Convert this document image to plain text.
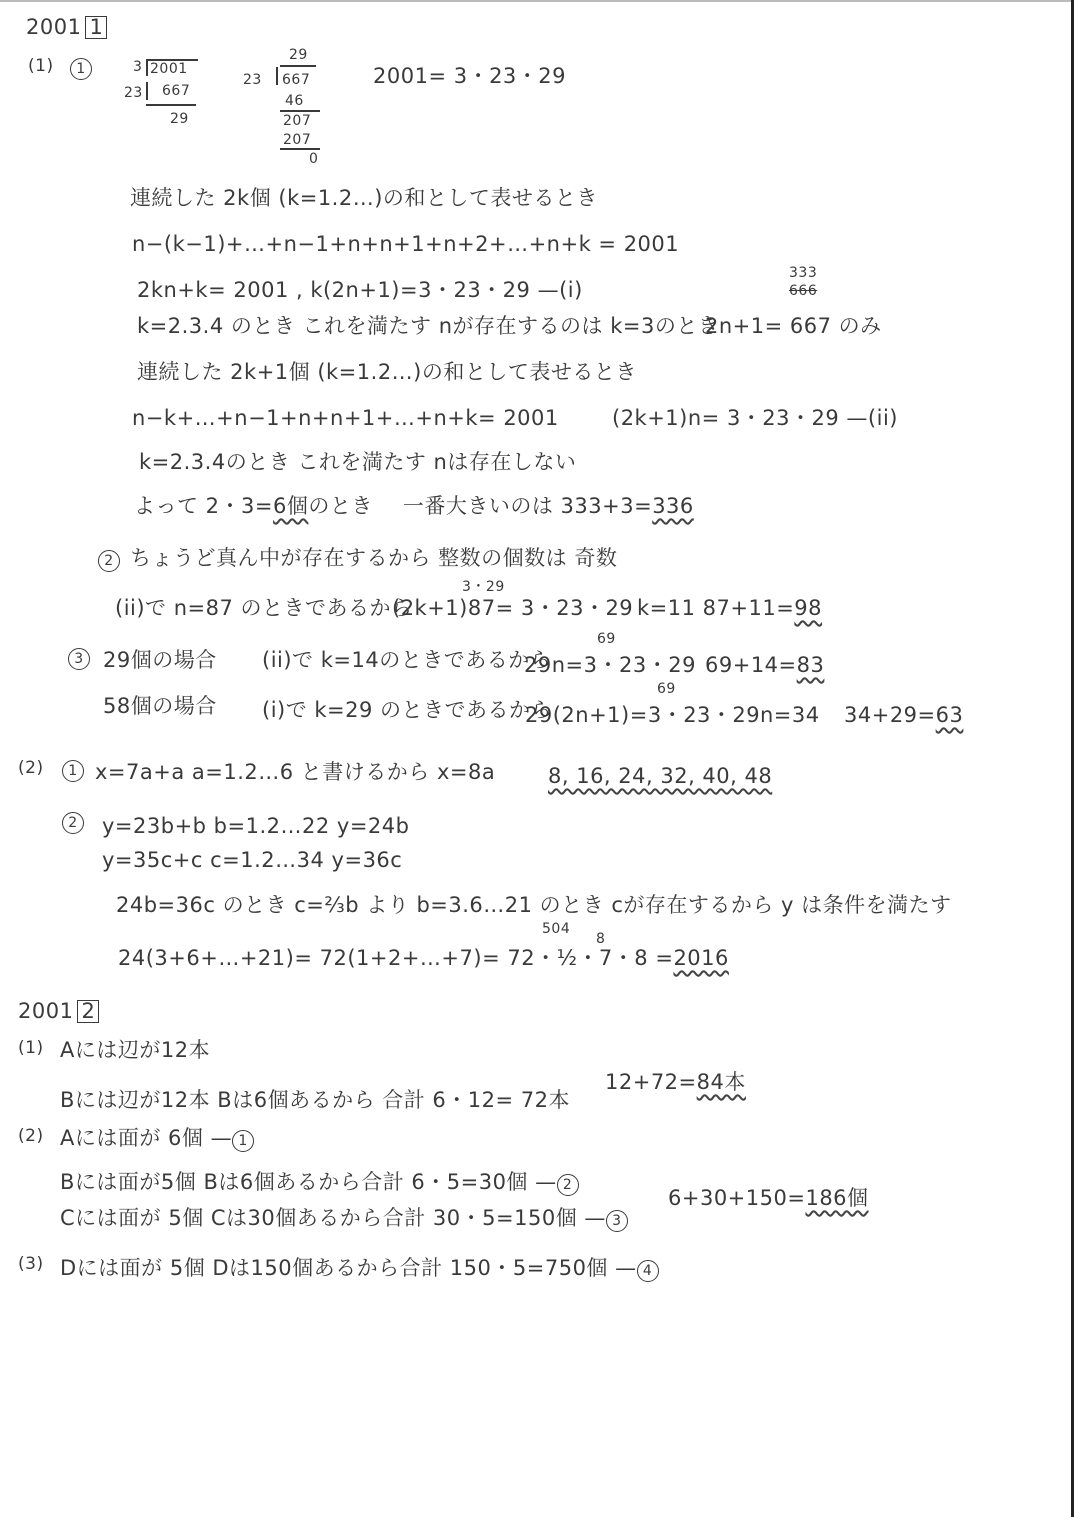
2001 1
(1)	1	3 2001
23 667
29
29
23 667
46
207
207
0
2001= 3・23・29
連続した 2k個 (k=1.2…)の和として表せるとき
n−(k−1)+…+n−1+n+n+1+n+2+…+n+k = 2001
2kn+k= 2001 , k(2n+1)=3・23・29 —(i)
333
666
k=2.3.4 のとき これを満たす nが存在するのは k=3のとき
2n+1= 667 のみ
連続した 2k+1個 (k=1.2…)の和として表せるとき
n−k+…+n−1+n+n+1+…+n+k= 2001	(2k+1)n= 3・23・29 —(ii)
k=2.3.4のとき これを満たす nは存在しない
よって 2・3=6個のとき 一番大きいのは 333+3=336
2 ちょうど真ん中が存在するから 整数の個数は 奇数
3・29
(ii)で n=87 のときであるから
(2k+1)87= 3・23・29 k=11 87+11=98
3
69
29個の場合 (ii)で k=14のときであるから
29n=3・23・29 69+14=83
69
58個の場合 (i)で k=29 のときであるから
29(2n+1)=3・23・29 n=34 34+29=63
(2)	1 x=7a+a a=1.2…6 と書けるから x=8a	8, 16, 24, 32, 40, 48
2 y=23b+b b=1.2…22 y=24b
y=35c+c c=1.2…34 y=36c
24b=36c のとき c=⅔b より b=3.6…21 のとき cが存在するから y は条件を満たす
504
8
24(3+6+…+21)= 72(1+2+…+7)= 72・½・7・8 =2016
2001 2
(1) Aには辺が12本
Bには辺が12本 Bは6個あるから 合計 6・12= 72本
12+72=84本
(2) Aには面が 6個 — 1
Bには面が5個 Bは6個あるから合計 6・5=30個 — 2
6+30+150=186個
Cには面が 5個 Cは30個あるから合計 30・5=150個 — 3
(3) Dには面が 5個 Dは150個あるから合計 150・5=750個 — 4
